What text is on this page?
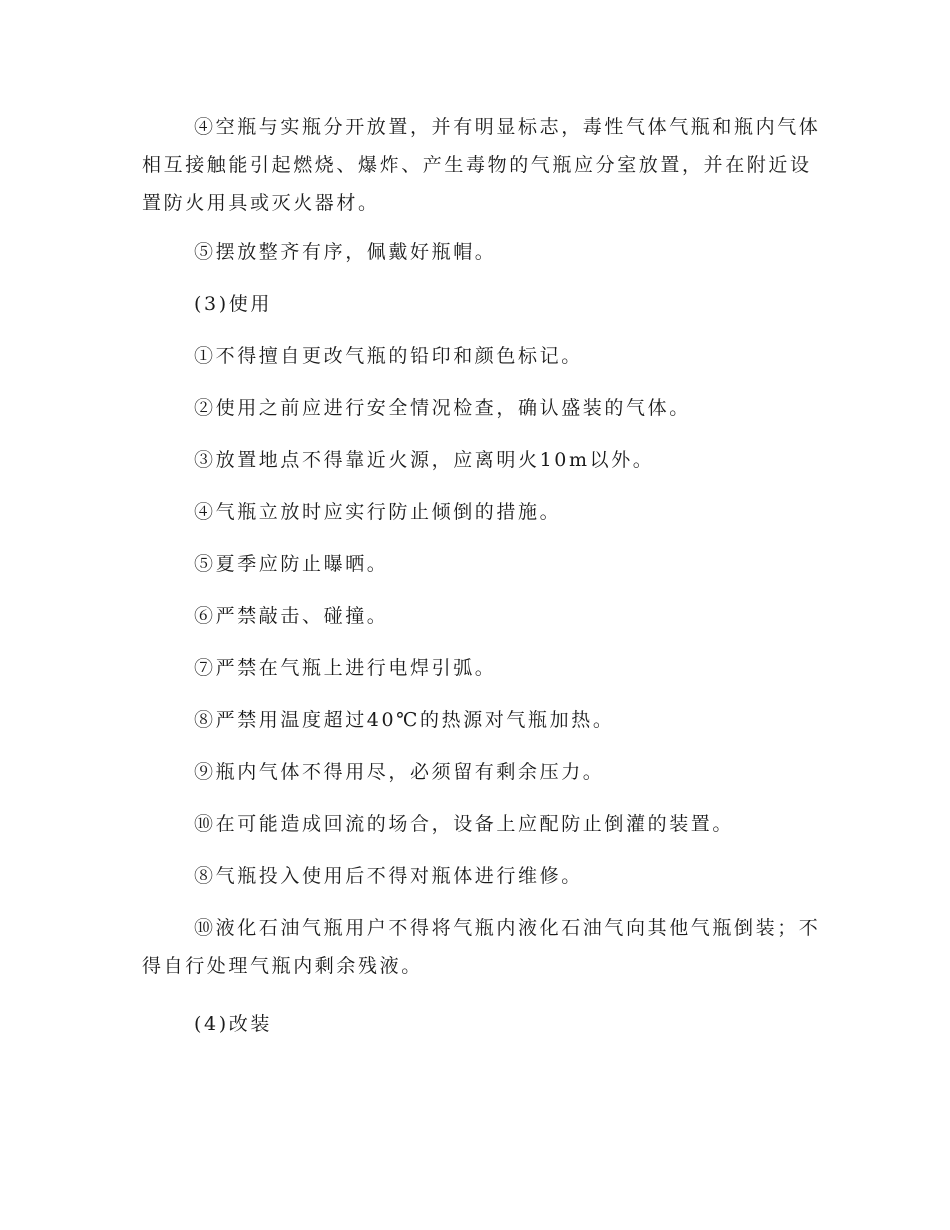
④空瓶与实瓶分开放置，并有明显标志，毒性气体气瓶和瓶内气体相互接触能引起燃烧、爆炸、产生毒物的气瓶应分室放置，并在附近设置防火用具或灭火器材。

⑤摆放整齐有序，佩戴好瓶帽。

(3)使用

①不得擅自更改气瓶的铅印和颜色标记。

②使用之前应进行安全情况检查，确认盛装的气体。

③放置地点不得靠近火源，应离明火10m以外。

④气瓶立放时应实行防止倾倒的措施。

⑤夏季应防止曝晒。

⑥严禁敲击、碰撞。

⑦严禁在气瓶上进行电焊引弧。

⑧严禁用温度超过40℃的热源对气瓶加热。

⑨瓶内气体不得用尽，必须留有剩余压力。

⑩在可能造成回流的场合，设备上应配防止倒灌的装置。

⑧气瓶投入使用后不得对瓶体进行维修。

⑩液化石油气瓶用户不得将气瓶内液化石油气向其他气瓶倒装；不得自行处理气瓶内剩余残液。

(4)改装
